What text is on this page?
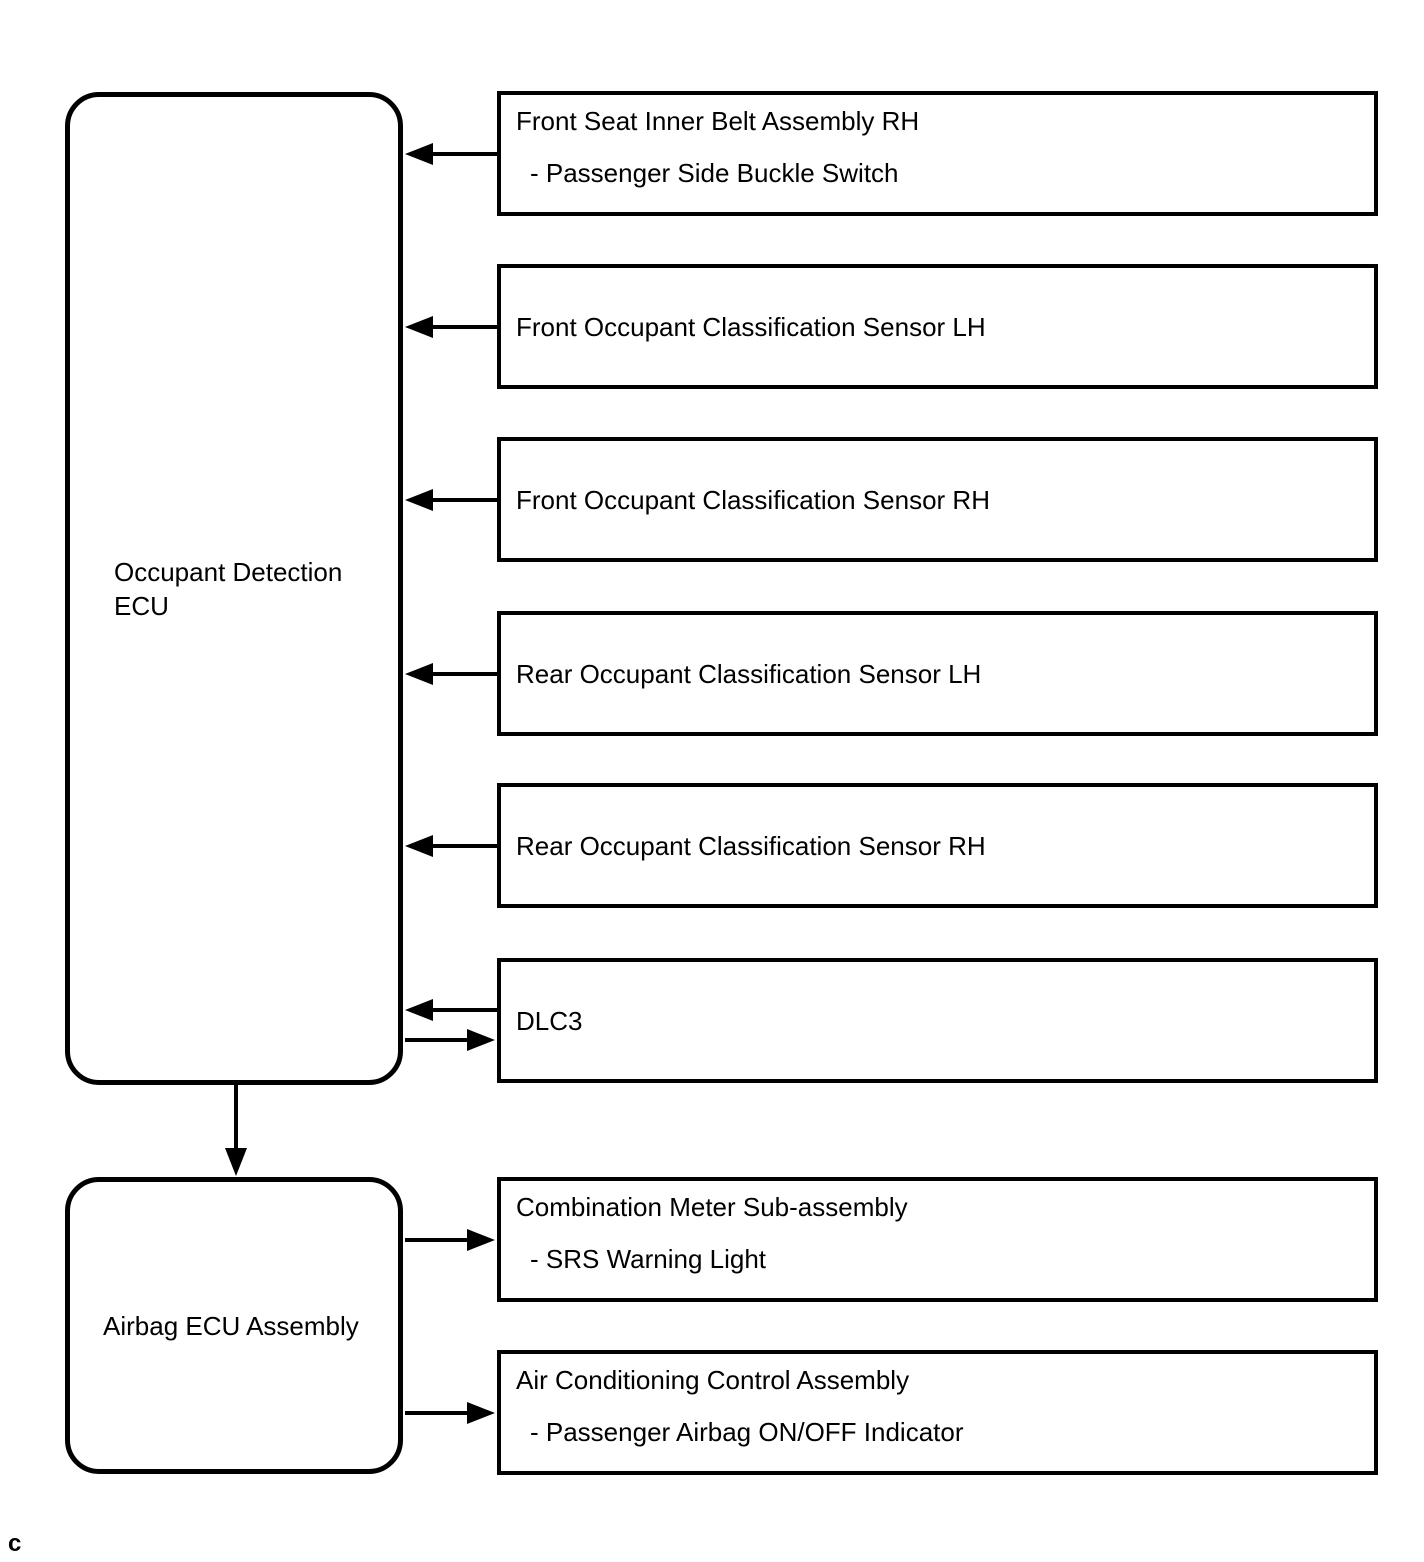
Occupant Detection
ECU
Front Seat Inner Belt Assembly RH
- Passenger Side Buckle Switch
Front Occupant Classification Sensor LH
Front Occupant Classification Sensor RH
Rear Occupant Classification Sensor LH
Rear Occupant Classification Sensor RH
DLC3
Airbag ECU Assembly
Combination Meter Sub-assembly
- SRS Warning Light
Air Conditioning Control Assembly
- Passenger Airbag ON/OFF Indicator
c
